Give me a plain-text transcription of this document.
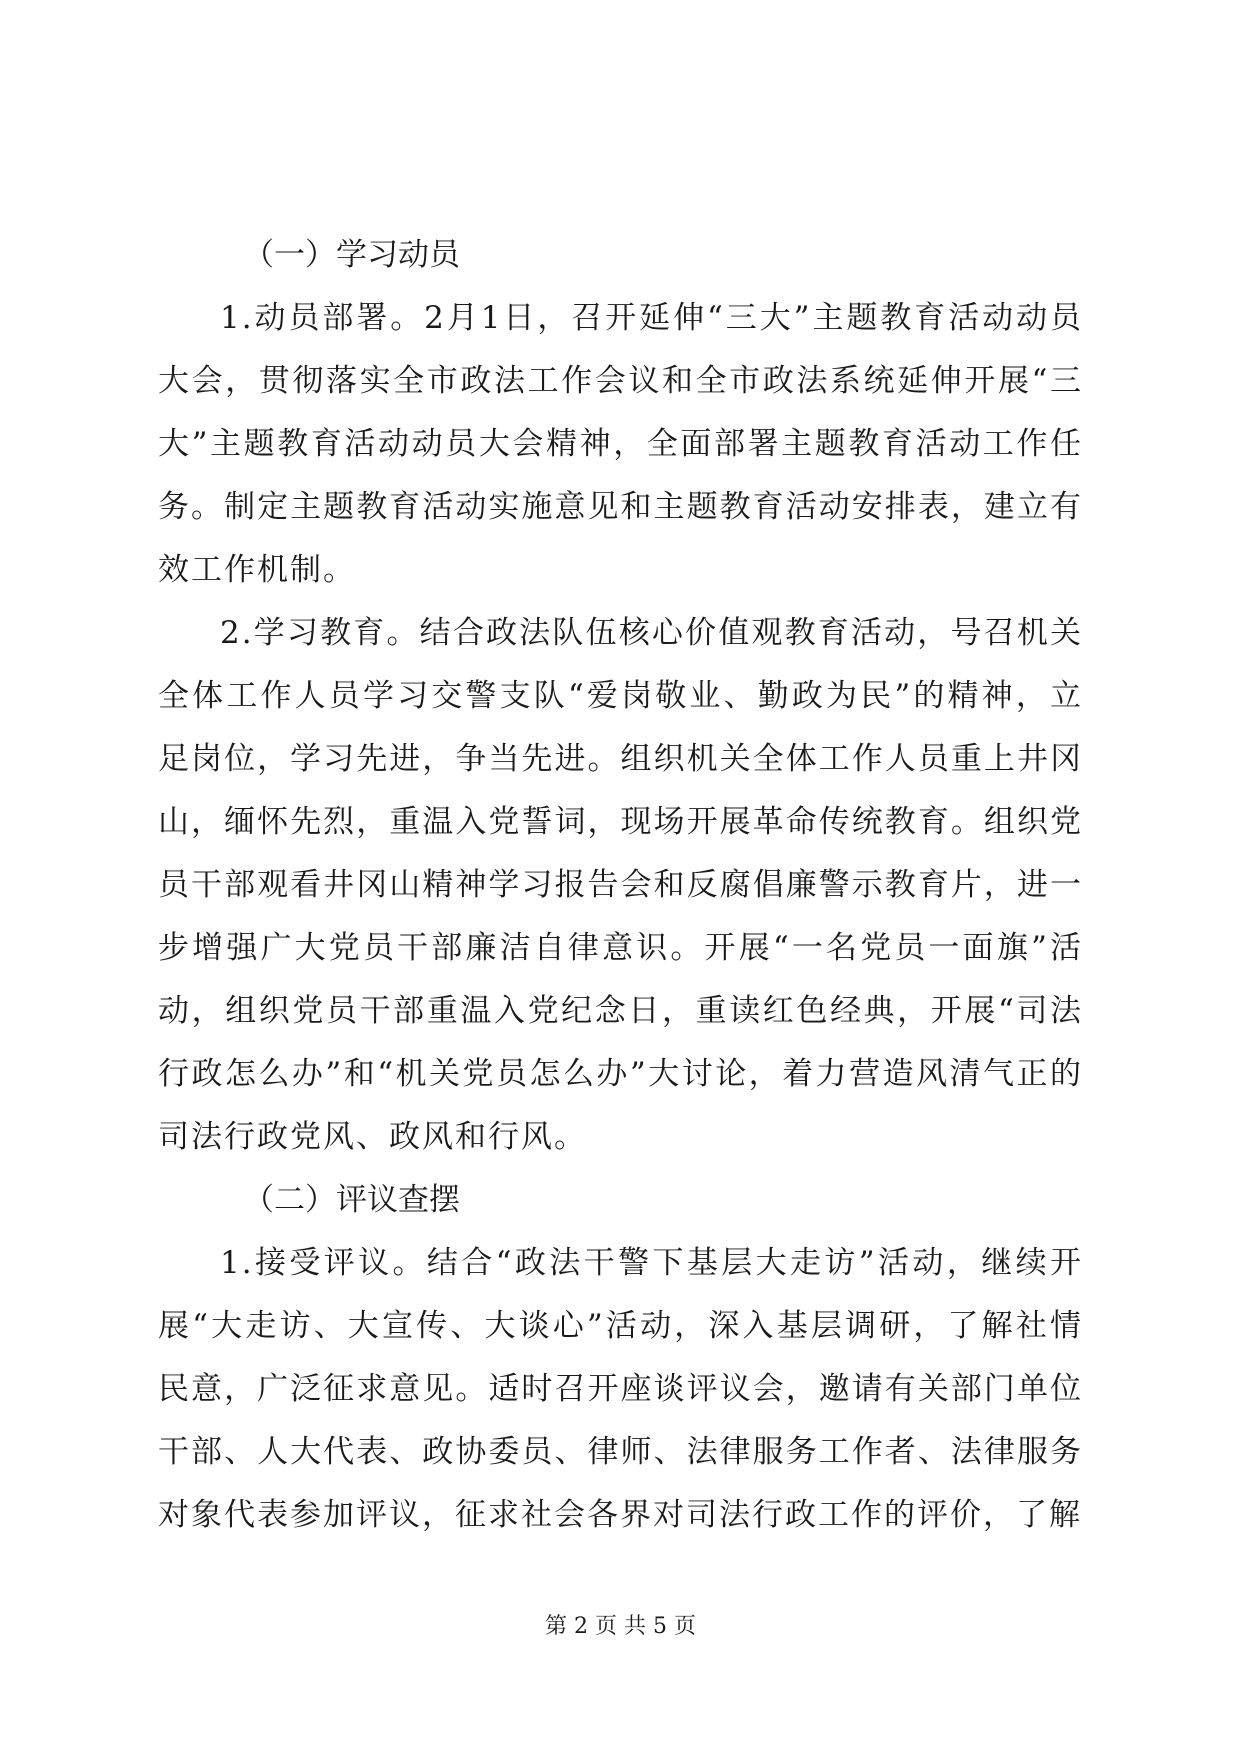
（一）学习动员

1.动员部署。2月1日，召开延伸“三大”主题教育活动动员大会，贯彻落实全市政法工作会议和全市政法系统延伸开展“三大”主题教育活动动员大会精神，全面部署主题教育活动工作任务。制定主题教育活动实施意见和主题教育活动安排表，建立有效工作机制。

2.学习教育。结合政法队伍核心价值观教育活动，号召机关全体工作人员学习交警支队“爱岗敬业、勤政为民”的精神，立足岗位，学习先进，争当先进。组织机关全体工作人员重上井冈山，缅怀先烈，重温入党誓词，现场开展革命传统教育。组织党员干部观看井冈山精神学习报告会和反腐倡廉警示教育片，进一步增强广大党员干部廉洁自律意识。开展“一名党员一面旗”活动，组织党员干部重温入党纪念日，重读红色经典，开展“司法行政怎么办”和“机关党员怎么办”大讨论，着力营造风清气正的司法行政党风、政风和行风。

（二）评议查摆

1.接受评议。结合“政法干警下基层大走访”活动，继续开展“大走访、大宣传、大谈心”活动，深入基层调研，了解社情民意，广泛征求意见。适时召开座谈评议会，邀请有关部门单位干部、人大代表、政协委员、律师、法律服务工作者、法律服务对象代表参加评议，征求社会各界对司法行政工作的评价，了解

第 2 页 共 5 页
